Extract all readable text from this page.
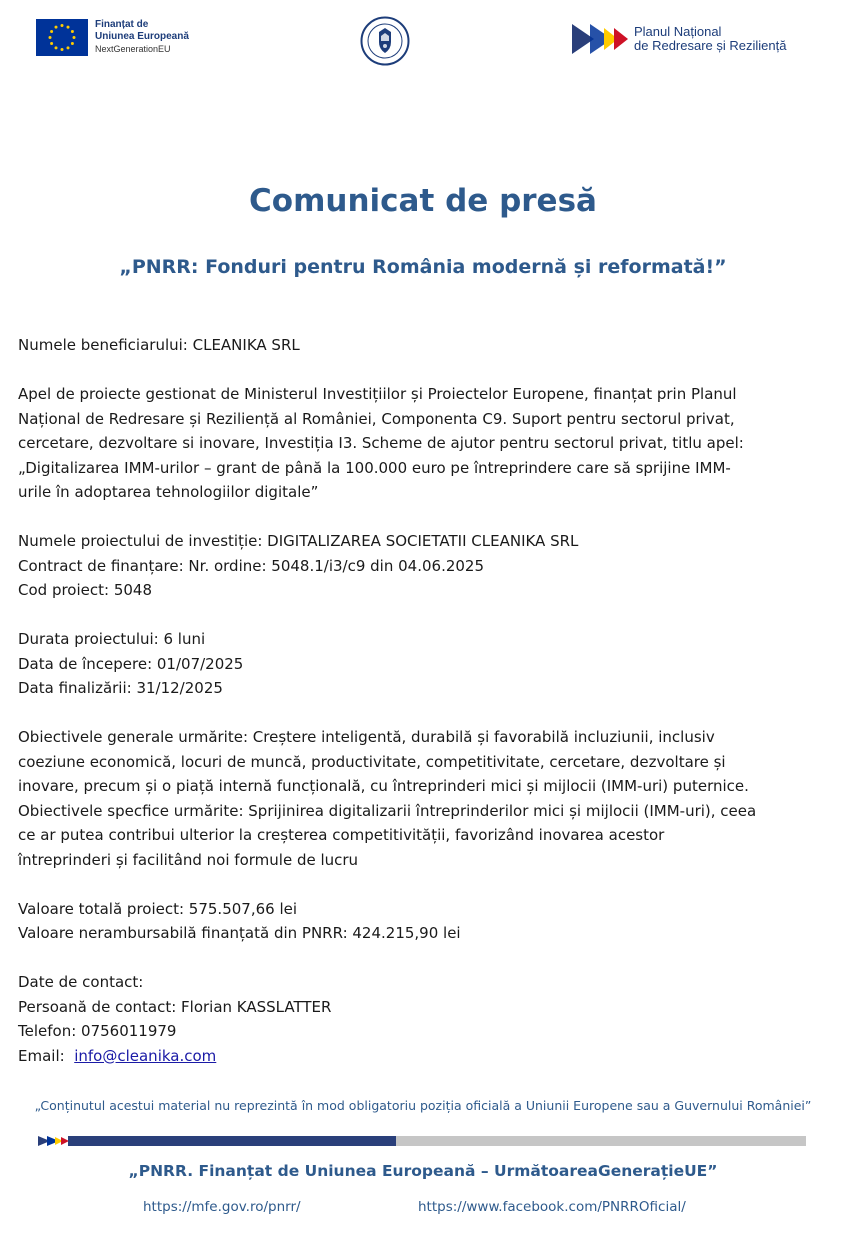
Finanțat de
Uniunea Europeană
NextGenerationEU
Planul Național
de Redresare și Reziliență
Comunicat de presă
„PNRR: Fonduri pentru România modernă și reformată!”

Numele beneficiarului: CLEANIKA SRL

Apel de proiecte gestionat de Ministerul Investițiilor și Proiectelor Europene, finanțat prin Planul
Național de Redresare și Reziliență al României, Componenta C9. Suport pentru sectorul privat,
cercetare, dezvoltare si inovare, Investiția I3. Scheme de ajutor pentru sectorul privat, titlu apel:
„Digitalizarea IMM-urilor – grant de până la 100.000 euro pe întreprindere care să sprijine IMM-
urile în adoptarea tehnologiilor digitale”

Numele proiectului de investiție: DIGITALIZAREA SOCIETATII CLEANIKA SRL
Contract de finanțare: Nr. ordine: 5048.1/i3/c9 din 04.06.2025
Cod proiect: 5048

Durata proiectului: 6 luni
Data de începere: 01/07/2025
Data finalizării: 31/12/2025

Obiectivele generale urmărite: Creștere inteligentă, durabilă și favorabilă incluziunii, inclusiv
coeziune economică, locuri de muncă, productivitate, competitivitate, cercetare, dezvoltare și
inovare, precum și o piață internă funcțională, cu întreprinderi mici și mijlocii (IMM-uri) puternice.
Obiectivele specfice urmărite: Sprijinirea digitalizarii întreprinderilor mici și mijlocii (IMM-uri), ceea
ce ar putea contribui ulterior la creșterea competitivității, favorizând inovarea acestor
întreprinderi și facilitând noi formule de lucru

Valoare totală proiect: 575.507,66 lei
Valoare nerambursabilă finanțată din PNRR: 424.215,90 lei

Date de contact:
Persoană de contact: Florian KASSLATTER
Telefon: 0756011979
Email: info@cleanika.com

„Conținutul acestui material nu reprezintă în mod obligatoriu poziția oficială a Uniunii Europene sau a Guvernului României”
„PNRR. Finanțat de Uniunea Europeană – UrmătoareaGenerațieUE”
https://mfe.gov.ro/pnrr/	https://www.facebook.com/PNRROficial/
